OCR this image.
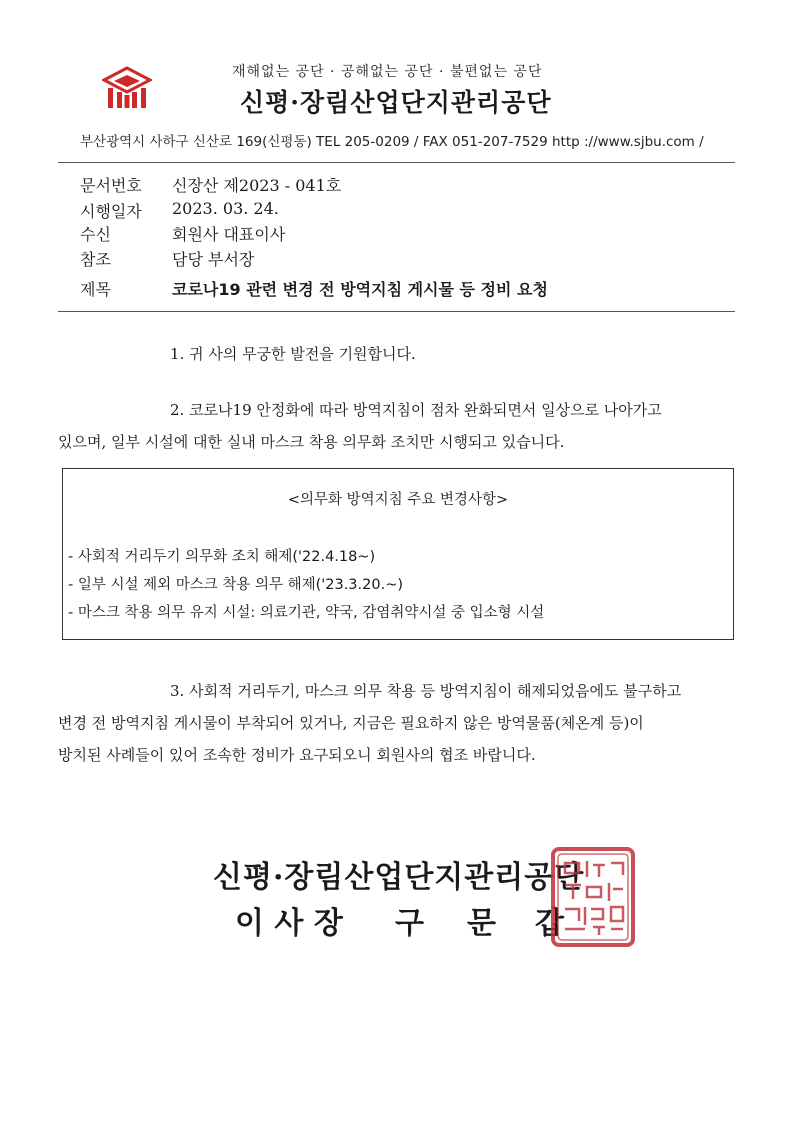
재해없는 공단 · 공해없는 공단 · 불편없는 공단
신평·장림산업단지관리공단
부산광역시 사하구 신산로 169(신평동) TEL 205-0209 / FAX 051-207-7529 http ://www.sjbu.com /
문서번호 신장산 제2023 - 041호
시행일자 2023. 03. 24.
수신	회원사 대표이사
참조	담당 부서장
제목	코로나19 관련 변경 전 방역지침 게시물 등 정비 요청
1. 귀 사의 무궁한 발전을 기원합니다.
2. 코로나19 안정화에 따라 방역지침이 점차 완화되면서 일상으로 나아가고
있으며, 일부 시설에 대한 실내 마스크 착용 의무화 조치만 시행되고 있습니다.
<의무화 방역지침 주요 변경사항>
- 사회적 거리두기 의무화 조치 해제('22.4.18~)
- 일부 시설 제외 마스크 착용 의무 해제('23.3.20.~)
- 마스크 착용 의무 유지 시설: 의료기관, 약국, 감염취약시설 중 입소형 시설
3. 사회적 거리두기, 마스크 의무 착용 등 방역지침이 해제되었음에도 불구하고
변경 전 방역지침 게시물이 부착되어 있거나, 지금은 필요하지 않은 방역물품(체온계 등)이
방치된 사례들이 있어 조속한 정비가 요구되오니 회원사의 협조 바랍니다.
신평·장림산업단지관리공단
이 사 장 구 문 갑
